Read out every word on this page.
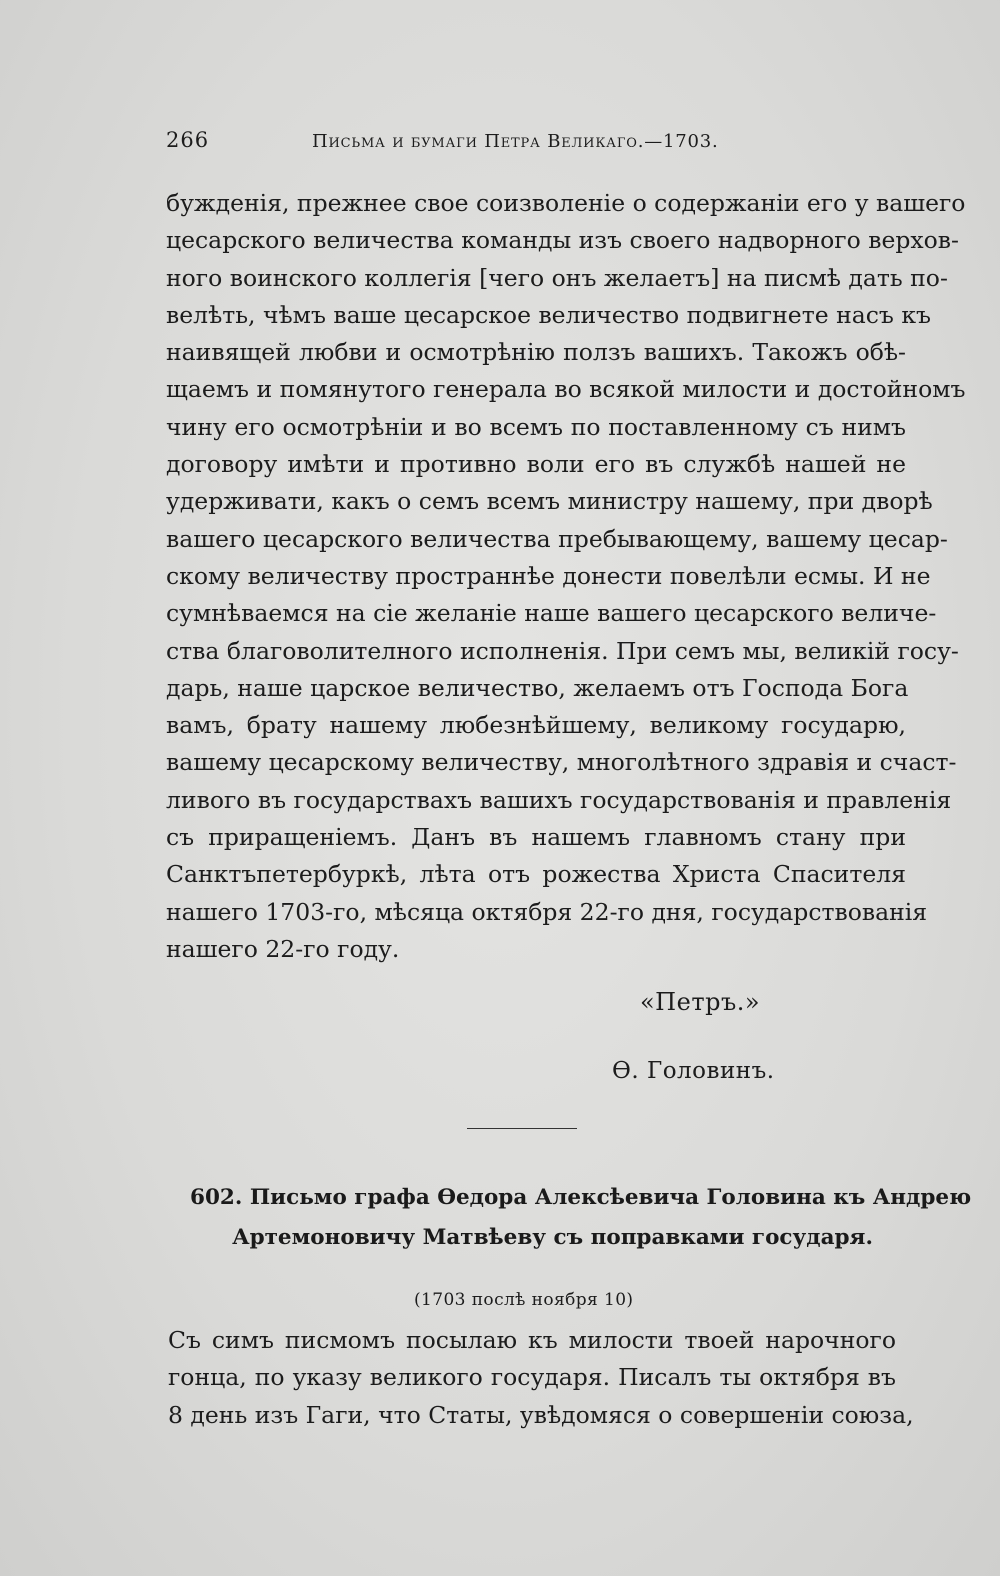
266	Письма и бумаги Петра Великаго.—1703.
бужденія, прежнее свое соизволеніе о содержаніи его у вашего
цесарского величества команды изъ своего надворного верхов-
ного воинского коллегія [чего онъ желаетъ] на писмѣ дать по-
велѣть, чѣмъ ваше цесарское величество подвигнете насъ къ
наивящей любви и осмотрѣнію ползъ вашихъ. Такожъ обѣ-
щаемъ и помянутого генерала во всякой милости и достойномъ
чину его осмотрѣніи и во всемъ по поставленному съ нимъ
договору имѣти и противно воли его въ службѣ нашей не
удерживати, какъ о семъ всемъ министру нашему, при дворѣ
вашего цесарского величества пребывающему, вашему цесар-
скому величеству пространнѣе донести повелѣли есмы. И не
сумнѣваемся на сіе желаніе наше вашего цесарского величе-
ства благоволителного исполненія. При семъ мы, великій госу-
дарь, наше царское величество, желаемъ отъ Господа Бога
вамъ, брату нашему любезнѣйшему, великому государю,
вашему цесарскому величеству, многолѣтного здравія и счаст-
ливого въ государствахъ вашихъ государствованія и правленія
съ приращеніемъ. Данъ въ нашемъ главномъ стану при
Санктъпетербуркѣ, лѣта отъ рожества Христа Спасителя
нашего 1703-го, мѣсяца октября 22-го дня, государствованія
нашего 22-го году.
«Петръ.»
Ѳ. Головинъ.
602. Письмо графа Ѳедора Алексѣевича Головина къ Андрею
Артемоновичу Матвѣеву съ поправками государя.
(1703 послѣ ноября 10)
Съ симъ писмомъ посылаю къ милости твоей нарочного
гонца, по указу великого государя. Писалъ ты октября въ
8 день изъ Гаги, что Статы, увѣдомяся о совершеніи союза,
